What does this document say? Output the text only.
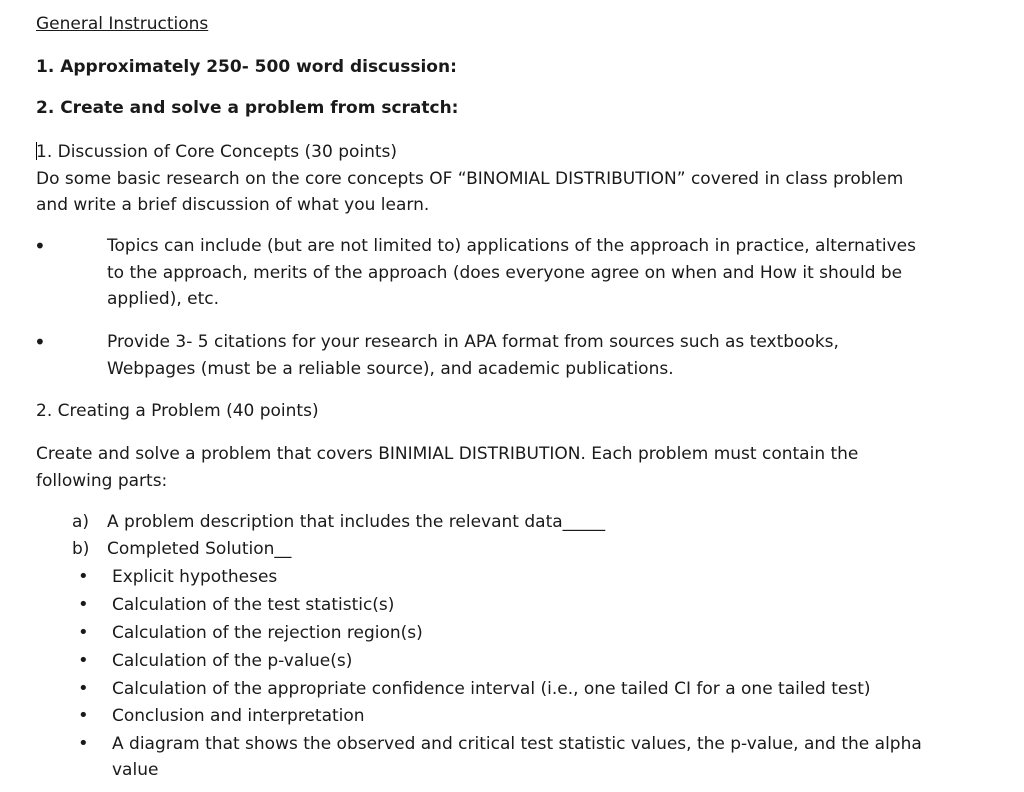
General Instructions
1. Approximately 250- 500 word discussion:
2. Create and solve a problem from scratch:
1. Discussion of Core Concepts (30 points)
Do some basic research on the core concepts OF “BINOMIAL DISTRIBUTION” covered in class problem
and write a brief discussion of what you learn.
•	Topics can include (but are not limited to) applications of the approach in practice, alternatives
to the approach, merits of the approach (does everyone agree on when and How it should be
applied), etc.
•	Provide 3- 5 citations for your research in APA format from sources such as textbooks,
Webpages (must be a reliable source), and academic publications.
2. Creating a Problem (40 points)
Create and solve a problem that covers BINIMIAL DISTRIBUTION. Each problem must contain the
following parts:
a) A problem description that includes the relevant data_____
b) Completed Solution__
• Explicit hypotheses
• Calculation of the test statistic(s)
• Calculation of the rejection region(s)
• Calculation of the p-value(s)
• Calculation of the appropriate confidence interval (i.e., one tailed CI for a one tailed test)
• Conclusion and interpretation
• A diagram that shows the observed and critical test statistic values, the p-value, and the alpha
value
